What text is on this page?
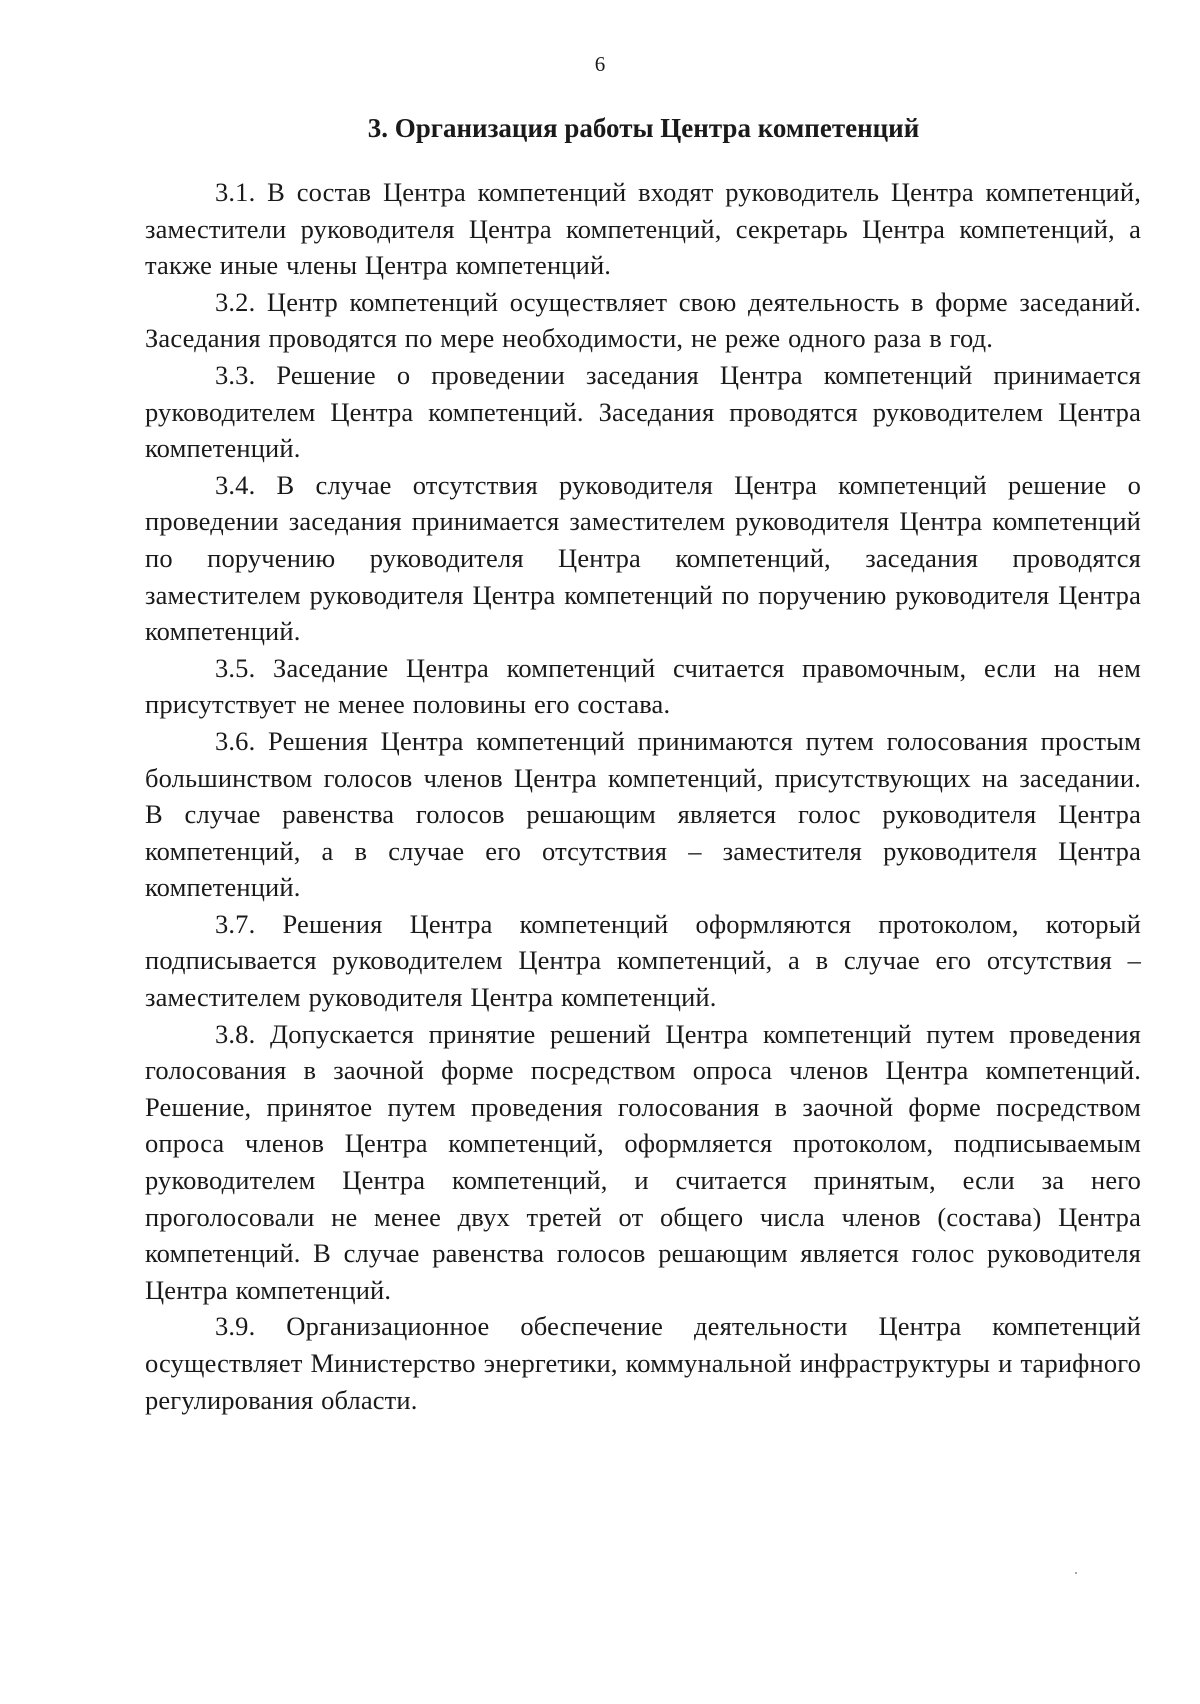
6
3. Организация работы Центра компетенций

3.1. В состав Центра компетенций входят руководитель Центра компетенций, заместители руководителя Центра компетенций, секретарь Центра компетенций, а также иные члены Центра компетенций.

3.2. Центр компетенций осуществляет свою деятельность в форме заседаний. Заседания проводятся по мере необходимости, не реже одного раза в год.

3.3. Решение о проведении заседания Центра компетенций принимается руководителем Центра компетенций. Заседания проводятся руководителем Центра компетенций.

3.4. В случае отсутствия руководителя Центра компетенций решение о проведении заседания принимается заместителем руководителя Центра компетенций по поручению руководителя Центра компетенций, заседания проводятся заместителем руководителя Центра компетенций по поручению руководителя Центра компетенций.

3.5. Заседание Центра компетенций считается правомочным, если на нем присутствует не менее половины его состава.

3.6. Решения Центра компетенций принимаются путем голосования простым большинством голосов членов Центра компетенций, присутствующих на заседании. В случае равенства голосов решающим является голос руководителя Центра компетенций, а в случае его отсутствия – заместителя руководителя Центра компетенций.

3.7. Решения Центра компетенций оформляются протоколом, который подписывается руководителем Центра компетенций, а в случае его отсутствия – заместителем руководителя Центра компетенций.

3.8. Допускается принятие решений Центра компетенций путем проведения голосования в заочной форме посредством опроса членов Центра компетенций. Решение, принятое путем проведения голосования в заочной форме посредством опроса членов Центра компетенций, оформляется протоколом, подписываемым руководителем Центра компетенций, и считается принятым, если за него проголосовали не менее двух третей от общего числа членов (состава) Центра компетенций. В случае равенства голосов решающим является голос руководителя Центра компетенций.

3.9. Организационное обеспечение деятельности Центра компетенций осуществляет Министерство энергетики, коммунальной инфраструктуры и тарифного регулирования области.
